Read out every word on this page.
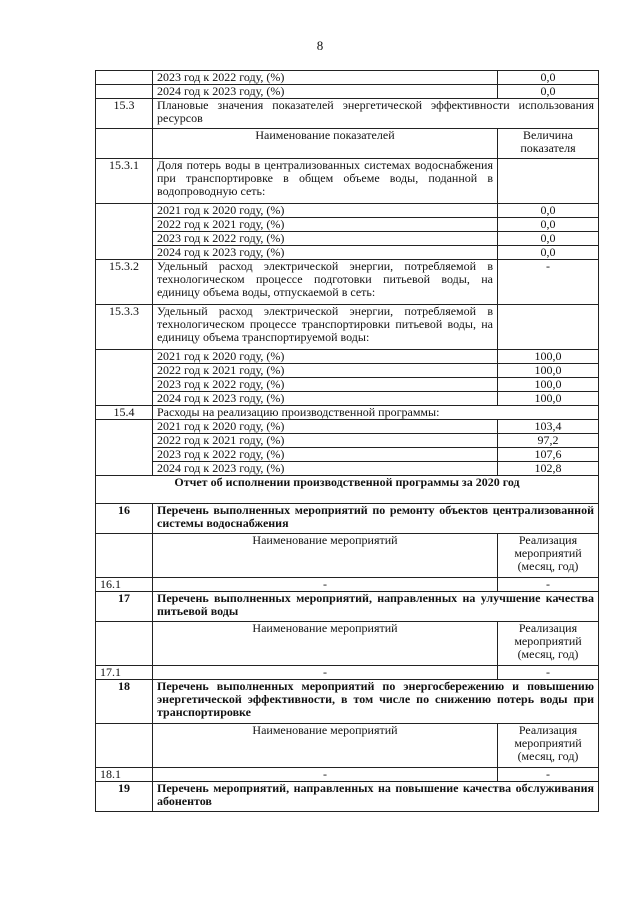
8
	2023 год к 2022 году, (%)	0,0
	2024 год к 2023 году, (%)	0,0
15.3	Плановые значения показателей энергетической эффективности использования ресурсов	
	Наименование показателей	Величина показателя
15.3.1	Доля потерь воды в централизованных системах водоснабжения при транспортировке в общем объеме воды, поданной в водопроводную сеть:	
	2021 год к 2020 году, (%)	0,0
	2022 год к 2021 году, (%)	0,0
	2023 год к 2022 году, (%)	0,0
	2024 год к 2023 году, (%)	0,0
15.3.2	Удельный расход электрической энергии, потребляемой в технологическом процессе подготовки питьевой воды, на единицу объема воды, отпускаемой в сеть:	-
15.3.3	Удельный расход электрической энергии, потребляемой в технологическом процессе транспортировки питьевой воды, на единицу объема транспортируемой воды:	
	2021 год к 2020 году, (%)	100,0
	2022 год к 2021 году, (%)	100,0
	2023 год к 2022 году, (%)	100,0
	2024 год к 2023 году, (%)	100,0
15.4	Расходы на реализацию производственной программы:	
	2021 год к 2020 году, (%)	103,4
	2022 год к 2021 году, (%)	97,2
	2023 год к 2022 году, (%)	107,6
	2024 год к 2023 году, (%)	102,8
Отчет об исполнении производственной программы за 2020 год		
16	Перечень выполненных мероприятий по ремонту объектов централизованной системы водоснабжения	
	Наименование мероприятий	Реализация мероприятий (месяц, год)
16.1	-	-
17	Перечень выполненных мероприятий, направленных на улучшение качества питьевой воды	
	Наименование мероприятий	Реализация мероприятий (месяц, год)
17.1	-	-
18	Перечень выполненных мероприятий по энергосбережению и повышению энергетической эффективности, в том числе по снижению потерь воды при транспортировке	
	Наименование мероприятий	Реализация мероприятий (месяц, год)
18.1	-	-
19	Перечень мероприятий, направленных на повышение качества обслуживания абонентов	
